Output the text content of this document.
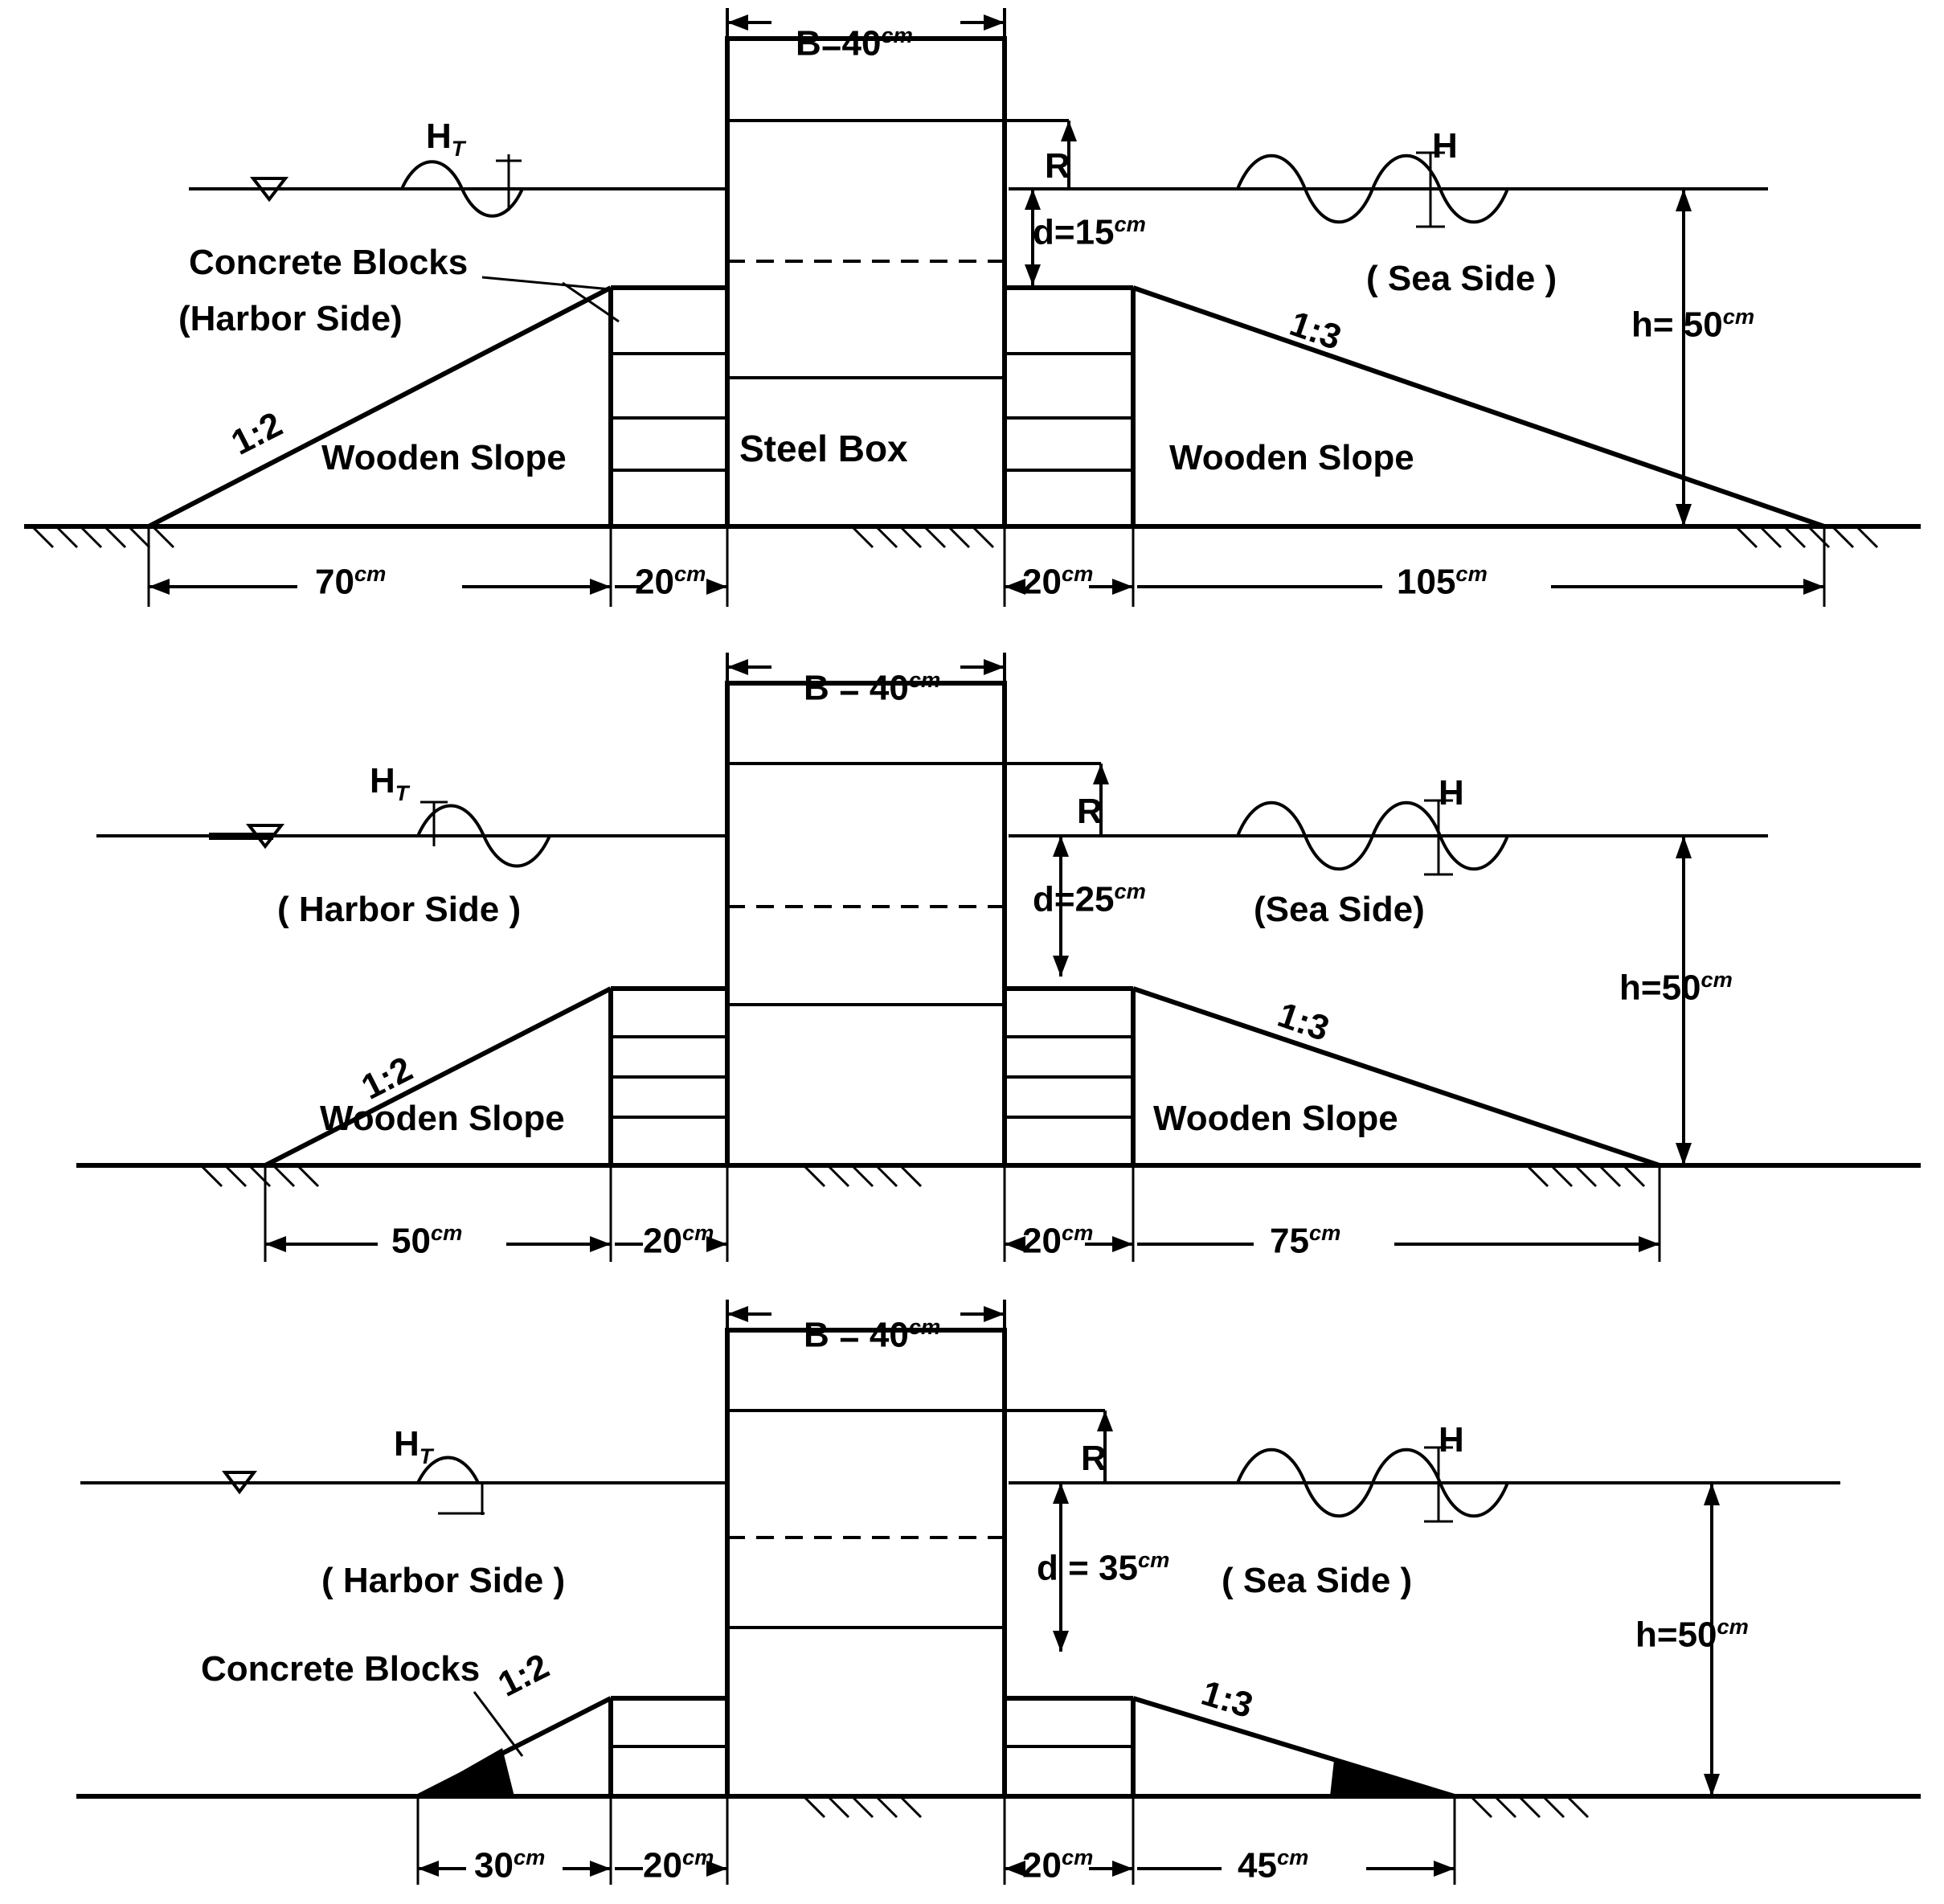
$B=40^{cm}$
$H_T$	H
R
$d=15^{cm}$
$h= 50^{cm}$
Concrete Blocks
(Harbor Side)
( Sea Side )
Steel Box
1:2
1:3
Wooden Slope	Wooden Slope
$70^{cm}$	$20^{cm}$	$20^{cm}$	$105^{cm}$
$B = 40^{cm}$
$H_T$	H
R
$d=25^{cm}$
$h=50^{cm}$
( Harbor Side )	(Sea Side)
1:2
1:3
Wooden Slope	Wooden Slope
$50^{cm}$	$20^{cm}$	$20^{cm}$	$75^{cm}$
$B = 40^{cm}$
$H_T$	H
R
$d = 35^{cm}$
$h=50^{cm}$
( Harbor Side )	( Sea Side )
Concrete Blocks 1:2	1:3
$30^{cm}$	$20^{cm}$	$20^{cm}$	$45^{cm}$
